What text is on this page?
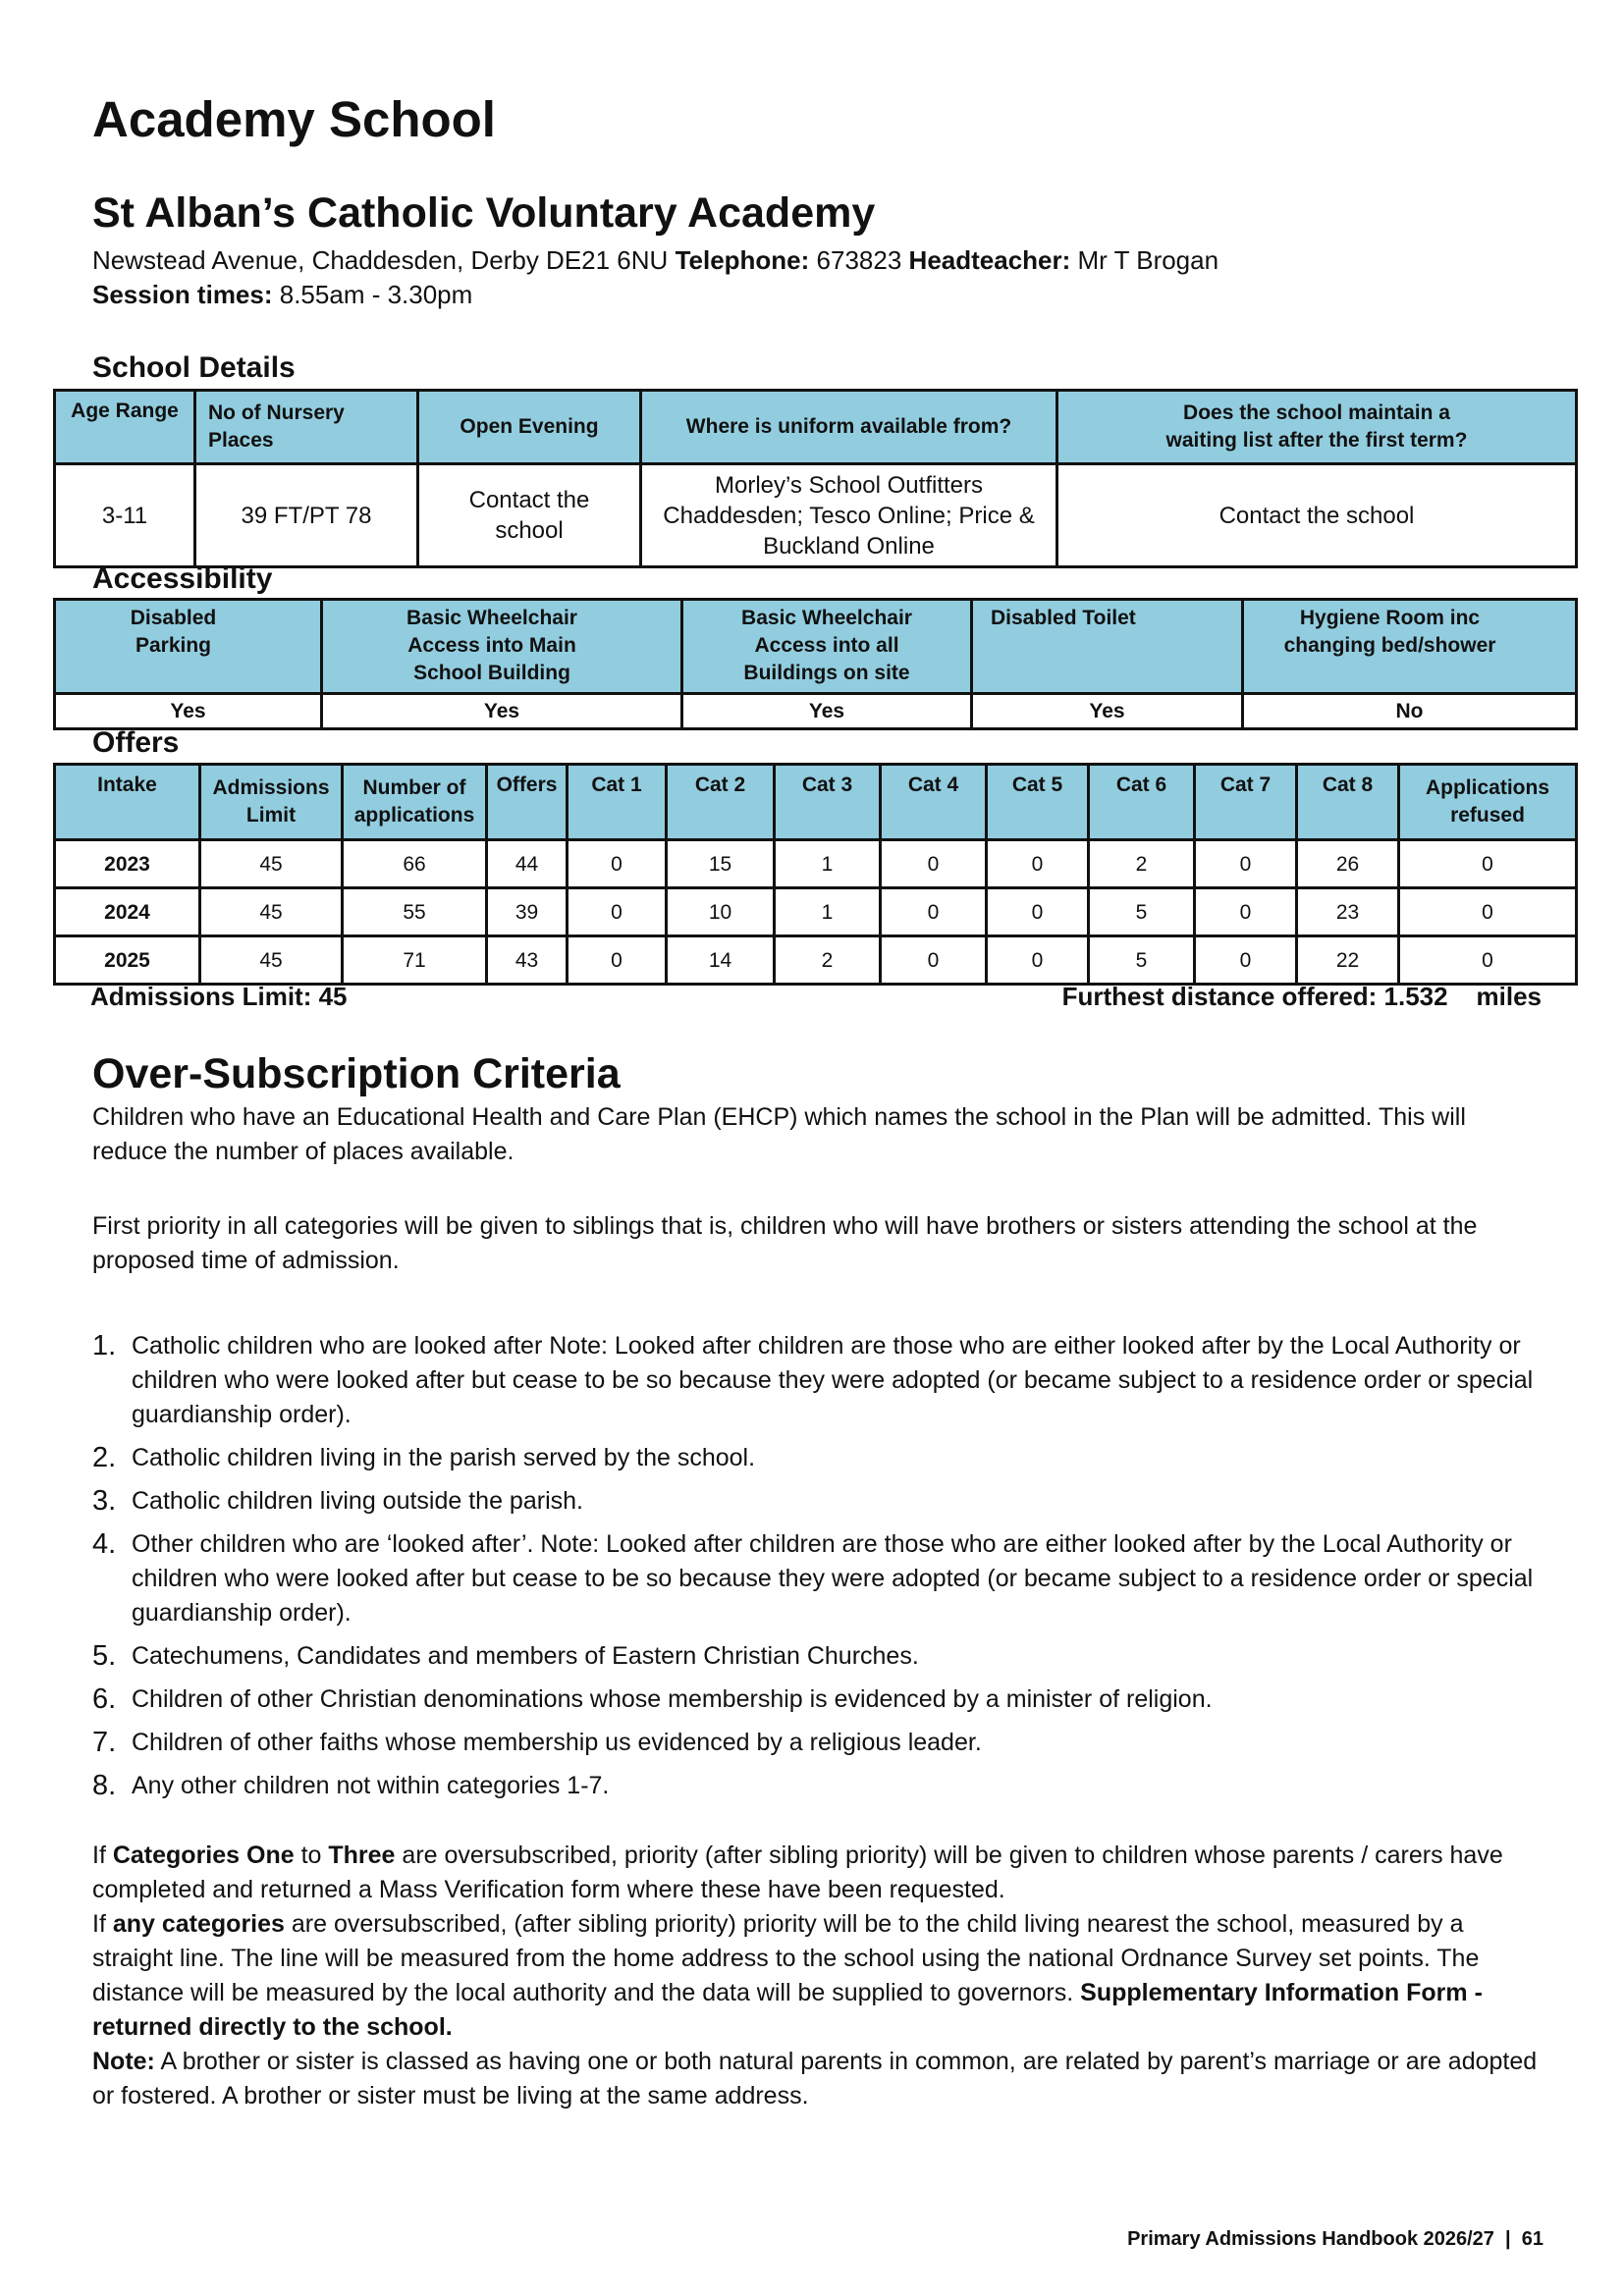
Academy School
St Alban’s Catholic Voluntary Academy
Newstead Avenue, Chaddesden, Derby DE21 6NU Telephone: 673823 Headteacher: Mr T Brogan
Session times: 8.55am - 3.30pm
School Details
Age Range	No of Nursery Places	Open Evening	Where is uniform available from?	Does the school maintain a waiting list after the first term?
3-11	39 FT/PT 78	Contact the school	Morley’s School Outfitters Chaddesden; Tesco Online; Price & Buckland Online	Contact the school
Accessibility
Disabled Parking	Basic Wheelchair Access into Main School Building	Basic Wheelchair Access into all Buildings on site	Disabled Toilet	Hygiene Room inc changing bed/shower
Yes	Yes	Yes	Yes	No
Offers
Intake	Admissions Limit	Number of applications	Offers	Cat 1	Cat 2	Cat 3	Cat 4	Cat 5	Cat 6	Cat 7	Cat 8	Applications refused
2023	45	66	44	0	15	1	0	0	2	0	26	0
2024	45	55	39	0	10	1	0	0	5	0	23	0
2025	45	71	43	0	14	2	0	0	5	0	22	0
Admissions Limit: 45	Furthest distance offered: 1.532    miles
Over-Subscription Criteria

Children who have an Educational Health and Care Plan (EHCP) which names the school in the Plan will be admitted. This will reduce the number of places available.

First priority in all categories will be given to siblings that is, children who will have brothers or sisters attending the school at the proposed time of admission.

1. Catholic children who are looked after Note: Looked after children are those who are either looked after by the Local Authority or children who were looked after but cease to be so because they were adopted (or became subject to a residence order or special guardianship order).
2. Catholic children living in the parish served by the school.
3. Catholic children living outside the parish.
4. Other children who are ‘looked after’. Note: Looked after children are those who are either looked after by the Local Authority or children who were looked after but cease to be so because they were adopted (or became subject to a residence order or special guardianship order).
5. Catechumens, Candidates and members of Eastern Christian Churches.
6. Children of other Christian denominations whose membership is evidenced by a minister of religion.
7. Children of other faiths whose membership us evidenced by a religious leader.
8. Any other children not within categories 1-7.

If Categories One to Three are oversubscribed, priority (after sibling priority) will be given to children whose parents / carers have completed and returned a Mass Verification form where these have been requested.

If any categories are oversubscribed, (after sibling priority) priority will be to the child living nearest the school, measured by a straight line. The line will be measured from the home address to the school using the national Ordnance Survey set points. The distance will be measured by the local authority and the data will be supplied to governors. Supplementary Information Form - returned directly to the school.

Note: A brother or sister is classed as having one or both natural parents in common, are related by parent’s marriage or are adopted or fostered. A brother or sister must be living at the same address.

Primary Admissions Handbook 2026/27  |  61
